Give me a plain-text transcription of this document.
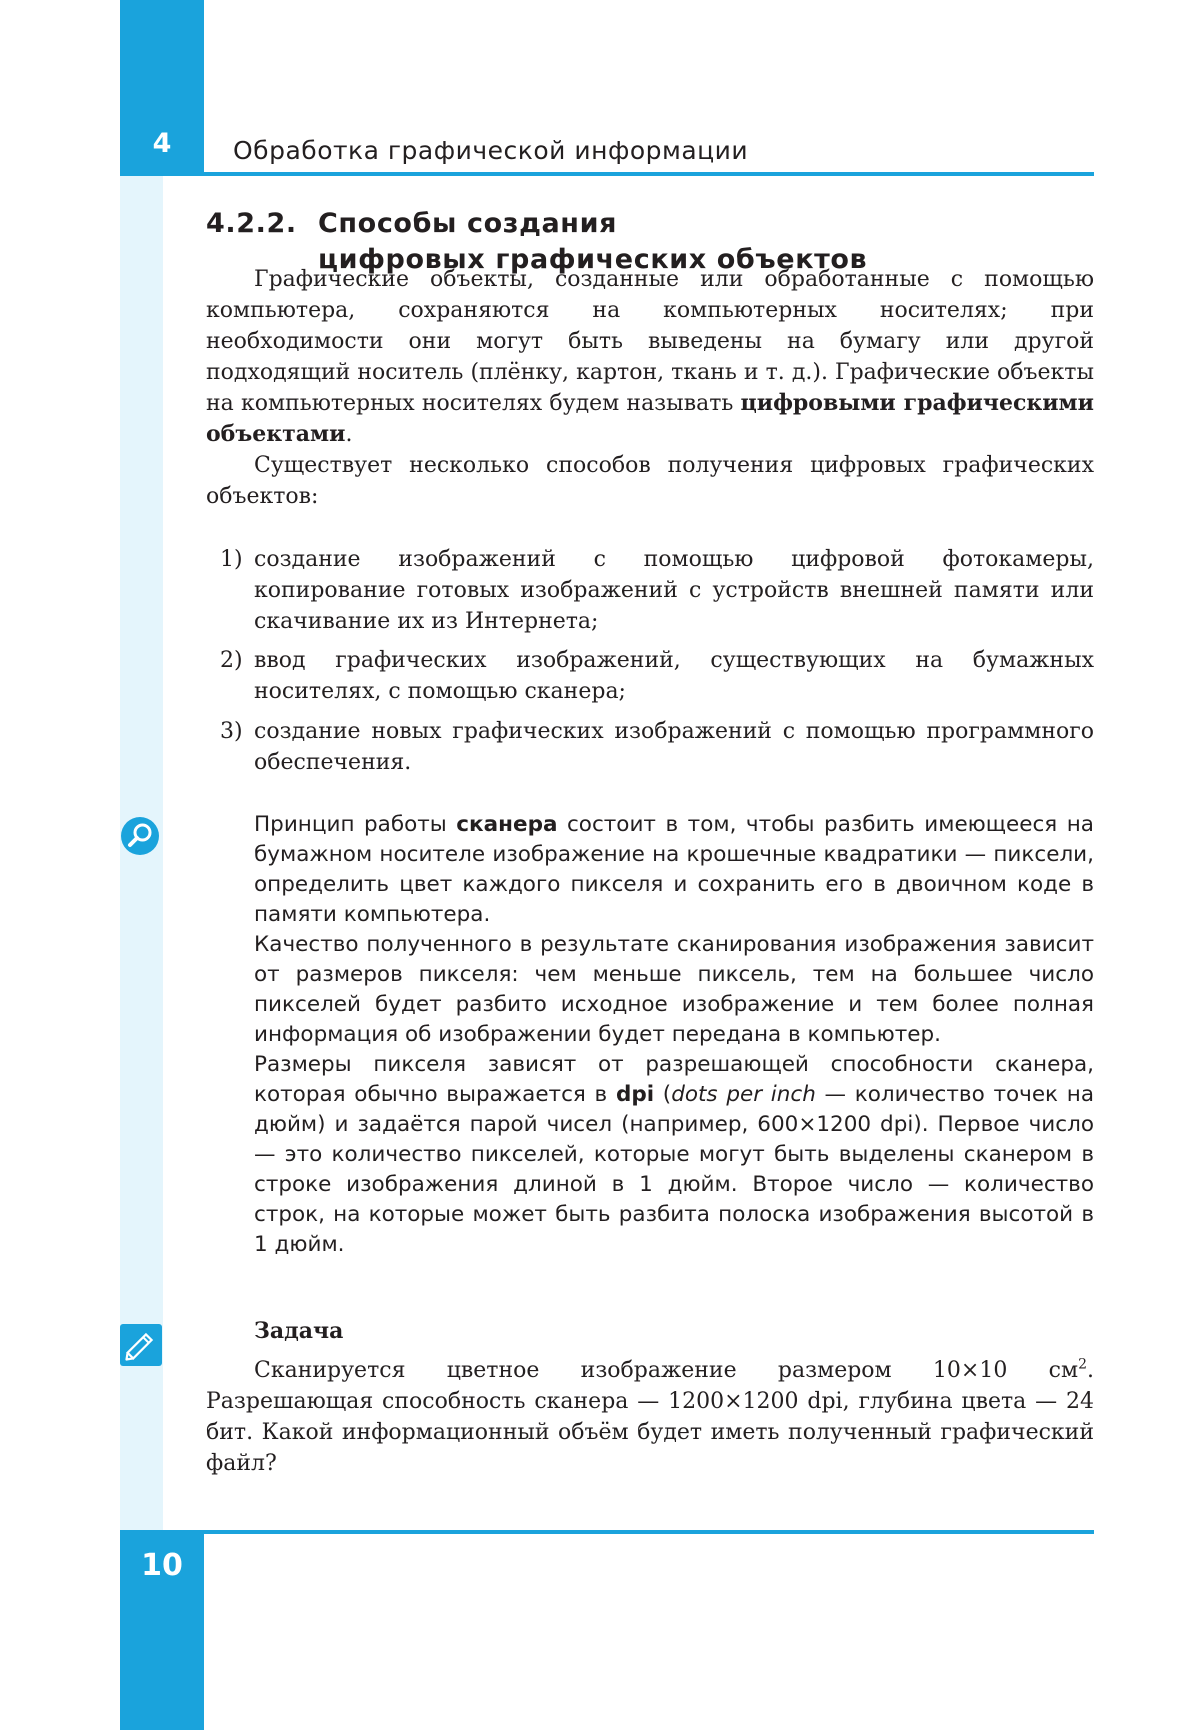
4	Обработка графической информации
4.2.2. Способы создания
цифровых графических объектов

Графические объекты, созданные или обработанные с помощью компьютера, сохраняются на компьютерных носителях; при необходимости они могут быть выведены на бумагу или другой подходящий носитель (плёнку, картон, ткань и т. д.). Графические объекты на компьютерных носителях будем называть цифровыми графическими объектами.

Существует несколько способов получения цифровых графических объектов:

1) создание изображений с помощью цифровой фотокамеры, копирование готовых изображений с устройств внешней памяти или скачивание их из Интернета;
2) ввод графических изображений, существующих на бумажных носителях, с помощью сканера;
3) создание новых графических изображений с помощью программного обеспечения.

Принцип работы сканера состоит в том, чтобы разбить имеющееся на бумажном носителе изображение на крошечные квадратики — пиксели, определить цвет каждого пикселя и сохранить его в двоичном коде в памяти компьютера.

Качество полученного в результате сканирования изображения зависит от размеров пикселя: чем меньше пиксель, тем на большее число пикселей будет разбито исходное изображение и тем более полная информация об изображении будет передана в компьютер.

Размеры пикселя зависят от разрешающей способности сканера, которая обычно выражается в dpi (dots per inch — количество точек на дюйм) и задаётся парой чисел (например, 600×1200 dpi). Первое число — это количество пикселей, которые могут быть выделены сканером в строке изображения длиной в 1 дюйм. Второе число — количество строк, на которые может быть разбита полоска изображения высотой в 1 дюйм.

Задача

Сканируется цветное изображение размером 10×10 $см^2$. Разрешающая способность сканера — 1200×1200 dpi, глубина цвета — 24 бит. Какой информационный объём будет иметь полученный графический файл?

10
